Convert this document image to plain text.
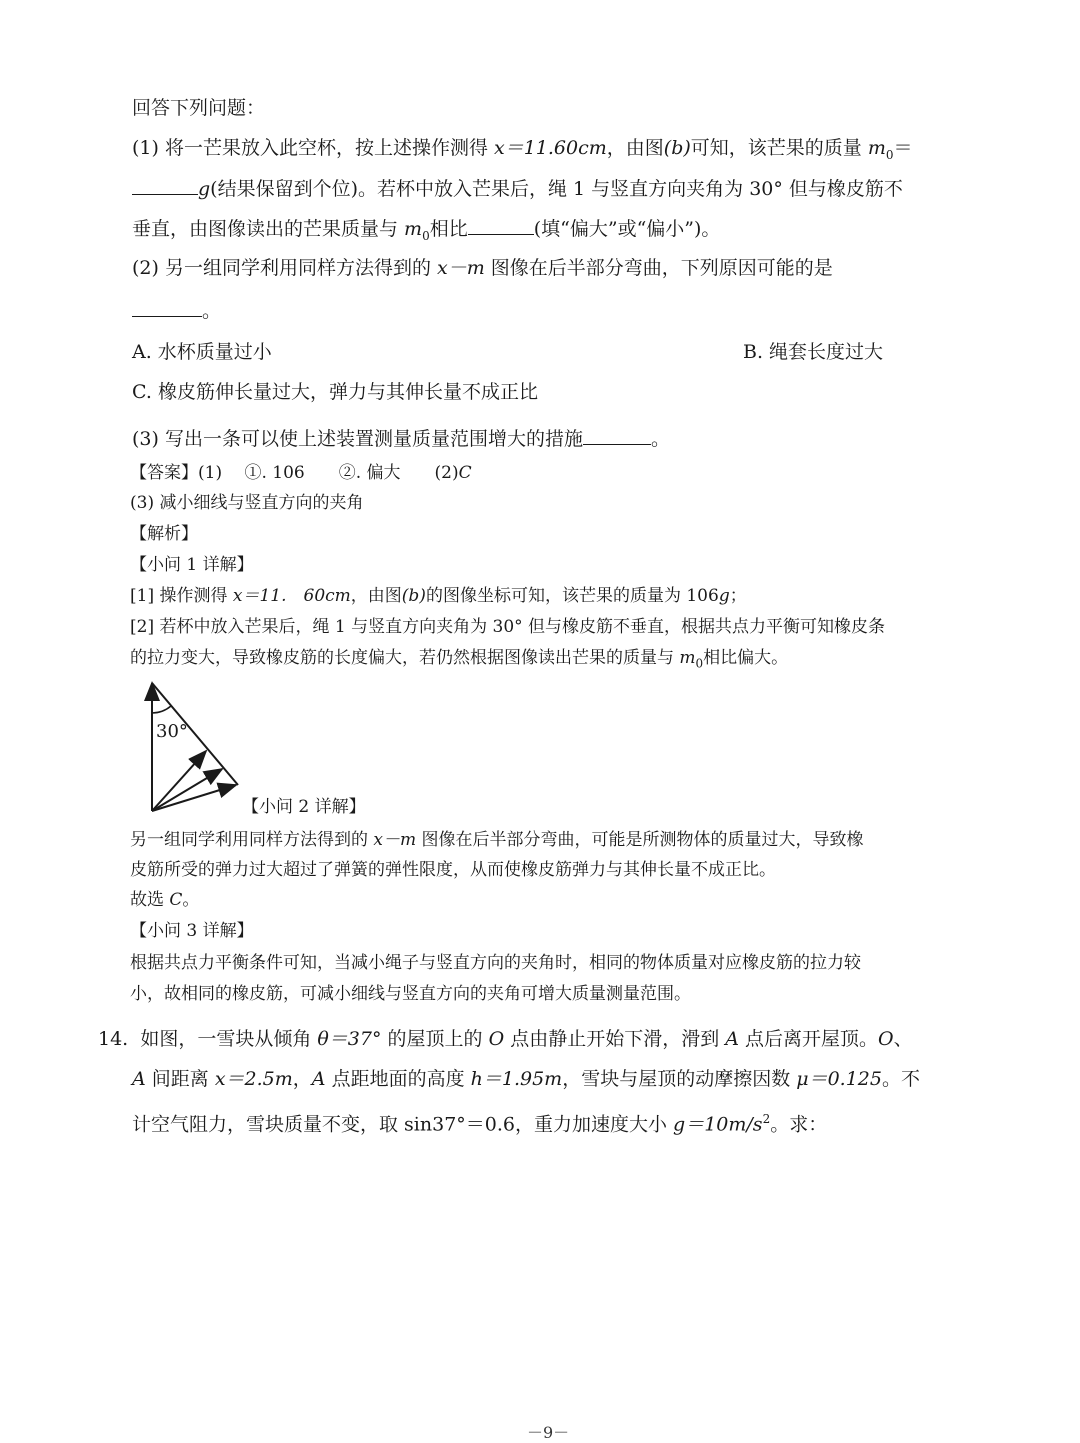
回答下列问题：
(1) 将一芒果放入此空杯，按上述操作测得 x＝11.60cm，由图(b)可知，该芒果的质量 $m_0=$
g(结果保留到个位)。若杯中放入芒果后，绳 1 与竖直方向夹角为 30° 但与橡皮筋不
垂直，由图像读出的芒果质量与 $m_0$相比	(填“偏大”或“偏小”)。
(2) 另一组同学利用同样方法得到的 x－m 图像在后半部分弯曲，下列原因可能的是
。
A. 水杯质量过小	B. 绳套长度过大
C. 橡皮筋伸长量过大，弹力与其伸长量不成正比
(3) 写出一条可以使上述装置测量质量范围增大的措施	。
【答案】(1)　 ①. 106　　②. 偏大　　(2)C
(3) 减小细线与竖直方向的夹角
【解析】
【小问 1 详解】
[1] 操作测得 x＝11.　60cm，由图(b)的图像坐标可知，该芒果的质量为 106g；
[2] 若杯中放入芒果后，绳 1 与竖直方向夹角为 30° 但与橡皮筋不垂直，根据共点力平衡可知橡皮条
的拉力变大，导致橡皮筋的长度偏大，若仍然根据图像读出芒果的质量与 $m_0$相比偏大。
30°
【小问 2 详解】
另一组同学利用同样方法得到的 x－m 图像在后半部分弯曲，可能是所测物体的质量过大，导致橡
皮筋所受的弹力过大超过了弹簧的弹性限度，从而使橡皮筋弹力与其伸长量不成正比。
故选 C。
【小问 3 详解】
根据共点力平衡条件可知，当减小绳子与竖直方向的夹角时，相同的物体质量对应橡皮筋的拉力较
小，故相同的橡皮筋，可减小细线与竖直方向的夹角可增大质量测量范围。
14. 如图，一雪块从倾角 θ＝37° 的屋顶上的 O 点由静止开始下滑，滑到 A 点后离开屋顶。O、
A 间距离 x＝2.5m，A 点距地面的高度 h＝1.95m，雪块与屋顶的动摩擦因数 μ＝0.125。不
计空气阻力，雪块质量不变，取 sin37°＝0.6，重力加速度大小 $g=10m/s^2$。求：
－9－
